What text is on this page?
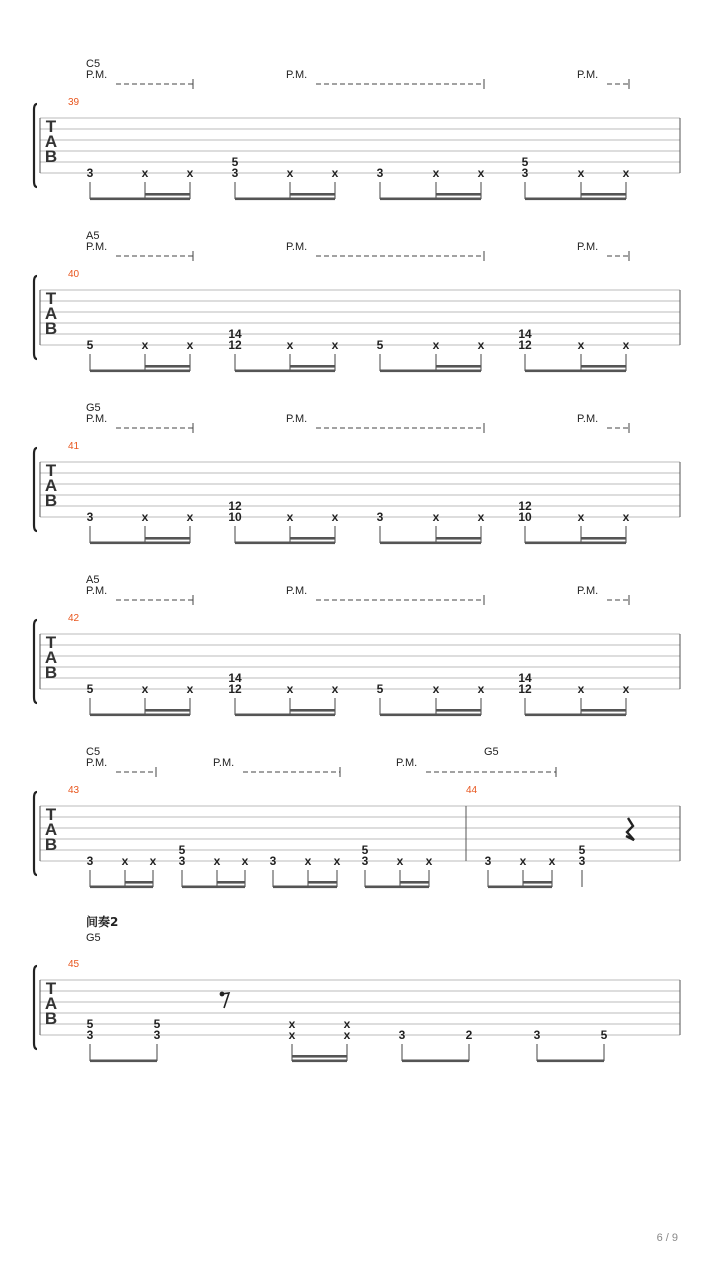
C5
P.M.	P.M.	P.M.
T
A
B
39
3	x	x
5
3	x	x	3	x	x
5
3	x	x
A5
P.M.	P.M.	P.M.
T
A
B
40
5	x	x
14
12	x	x	5	x	x
14
12	x	x
G5
P.M.	P.M.	P.M.
T
A
B
41
3	x	x
12
10	x	x	3	x	x
12
10	x	x
A5
P.M.	P.M.	P.M.
T
A
B
42
5	x	x
14
12	x	x	5	x	x
14
12	x	x
C5	G5
P.M.	P.M.	P.M.
T
A
B
43
3 x x
5
3 x x 3 x x
5
3 x x
44
3 x x
5
3
间奏2
G5
T
A
B
45
5
3
5
3
x
x
x
x	3	2	3	5
6 / 9
